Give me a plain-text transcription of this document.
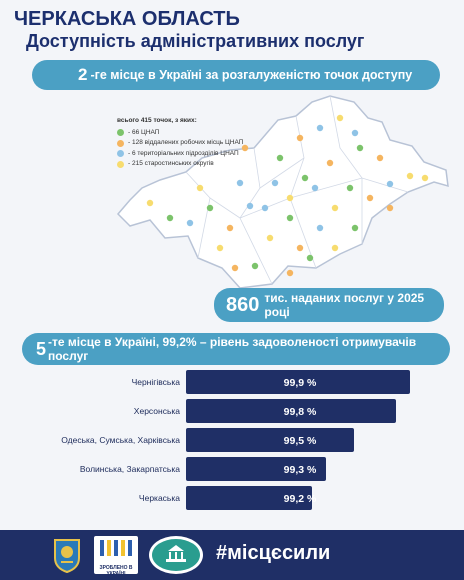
ЧЕРКАСЬКА ОБЛАСТЬ
Доступність адміністративних послуг
2 -ге місце в Україні за розгалуженістю точок доступу
всього 415 точок, з яких:
- 66 ЦНАП
- 128 віддалених робочих місць ЦНАП
- 6 територіальних підрозділів ЦНАП
- 215 старостинських округів
860 тис. наданих послуг у 2025 році
5 -те місце в Україні, 99,2% – рівень задоволеності отримувачів послуг
Чернігівська	99,9 %
Херсонська	99,8 %
Одеська, Сумська, Харківська	99,5 %
Волинська, Закарпатська	99,3 %
Черкаська	99,2 %
ЗРОБЛЕНО В УКРАЇНІ
#місцєсили
